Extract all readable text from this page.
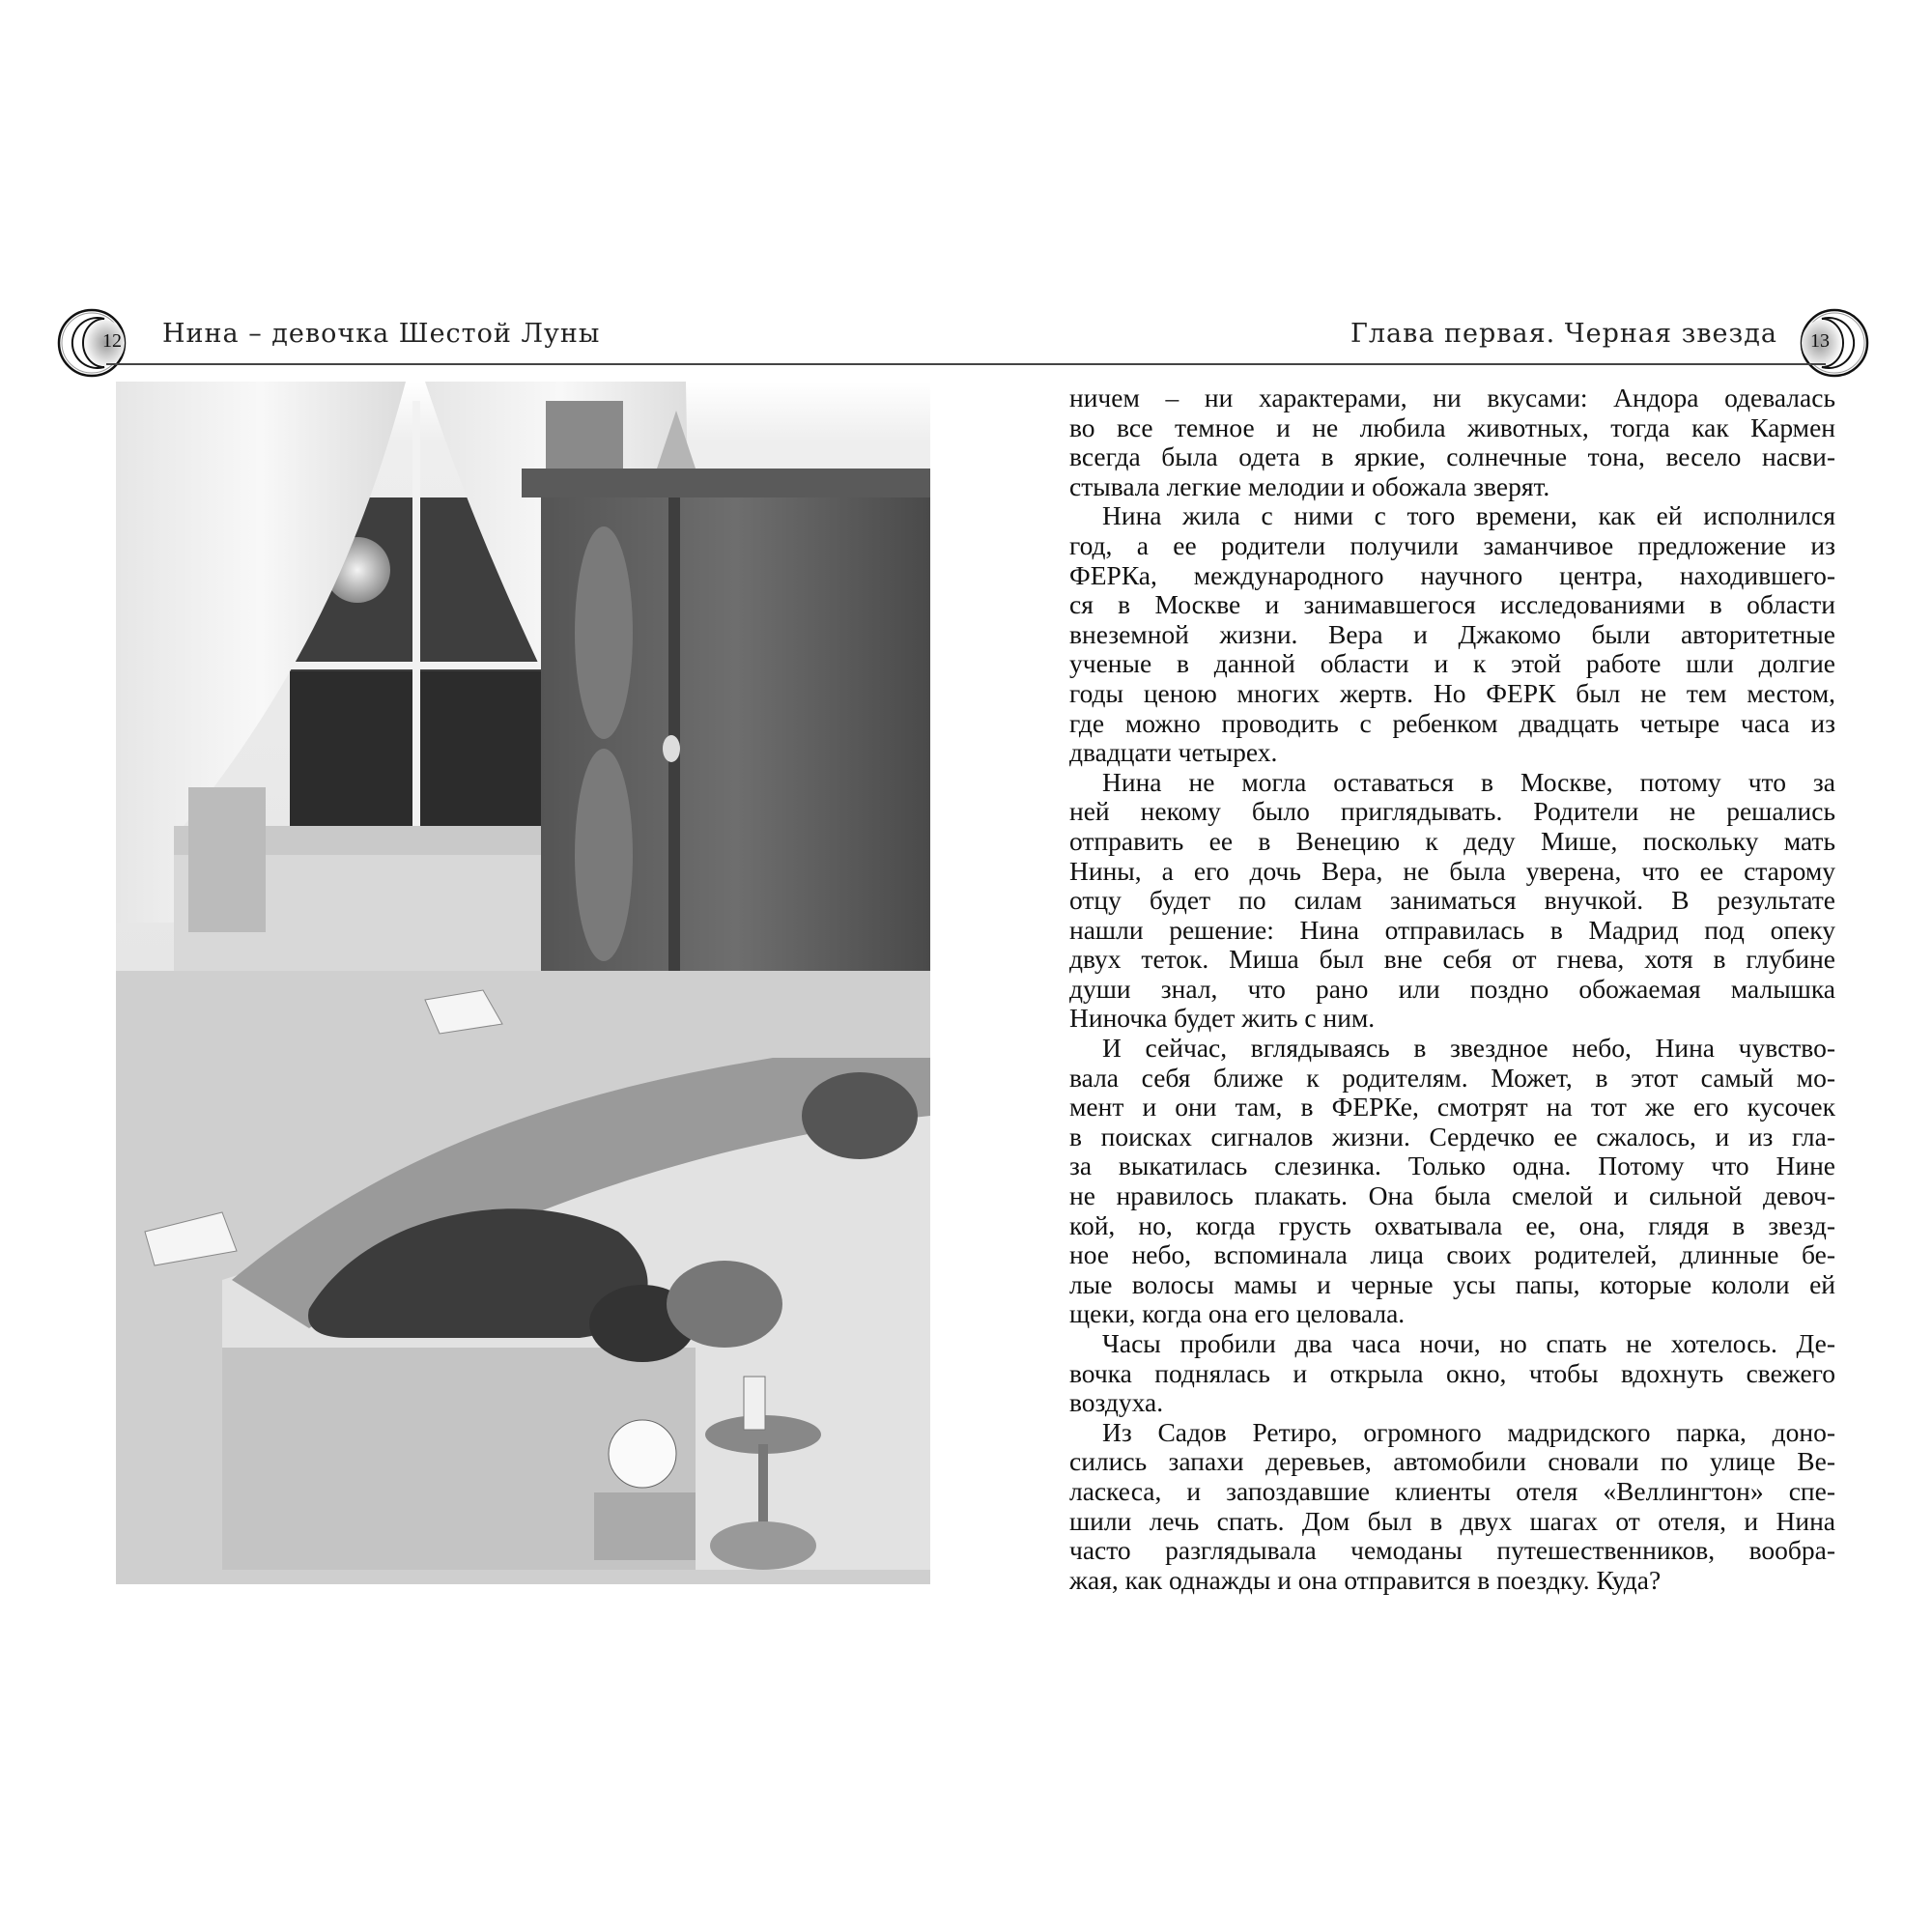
12 Нина – девочка Шестой Луны	Глава первая. Черная звезда 13
ничем – ни характерами, ни вкусами: Андора одевалась
во все темное и не любила животных, тогда как Кармен
всегда была одета в яркие, солнечные тона, весело насви-
стывала легкие мелодии и обожала зверят.
Нина жила с ними с того времени, как ей исполнился
год, а ее родители получили заманчивое предложение из
ФЕРКа, международного научного центра, находившего-
ся в Москве и занимавшегося исследованиями в области
внеземной жизни. Вера и Джакомо были авторитетные
ученые в данной области и к этой работе шли долгие
годы ценою многих жертв. Но ФЕРК был не тем местом,
где можно проводить с ребенком двадцать четыре часа из
двадцати четырех.
Нина не могла оставаться в Москве, потому что за
ней некому было приглядывать. Родители не решались
отправить ее в Венецию к деду Мише, поскольку мать
Нины, а его дочь Вера, не была уверена, что ее старому
отцу будет по силам заниматься внучкой. В результате
нашли решение: Нина отправилась в Мадрид под опеку
двух теток. Миша был вне себя от гнева, хотя в глубине
души знал, что рано или поздно обожаемая малышка
Ниночка будет жить с ним.
И сейчас, вглядываясь в звездное небо, Нина чувство-
вала себя ближе к родителям. Может, в этот самый мо-
мент и они там, в ФЕРКе, смотрят на тот же его кусочек
в поисках сигналов жизни. Сердечко ее сжалось, и из гла-
за выкатилась слезинка. Только одна. Потому что Нине
не нравилось плакать. Она была смелой и сильной девоч-
кой, но, когда грусть охватывала ее, она, глядя в звезд-
ное небо, вспоминала лица своих родителей, длинные бе-
лые волосы мамы и черные усы папы, которые кололи ей
щеки, когда она его целовала.
Часы пробили два часа ночи, но спать не хотелось. Де-
вочка поднялась и открыла окно, чтобы вдохнуть свежего
воздуха.
Из Садов Ретиро, огромного мадридского парка, доно-
сились запахи деревьев, автомобили сновали по улице Ве-
ласкеса, и запоздавшие клиенты отеля «Веллингтон» спе-
шили лечь спать. Дом был в двух шагах от отеля, и Нина
часто разглядывала чемоданы путешественников, вообра-
жая, как однажды и она отправится в поездку. Куда?
